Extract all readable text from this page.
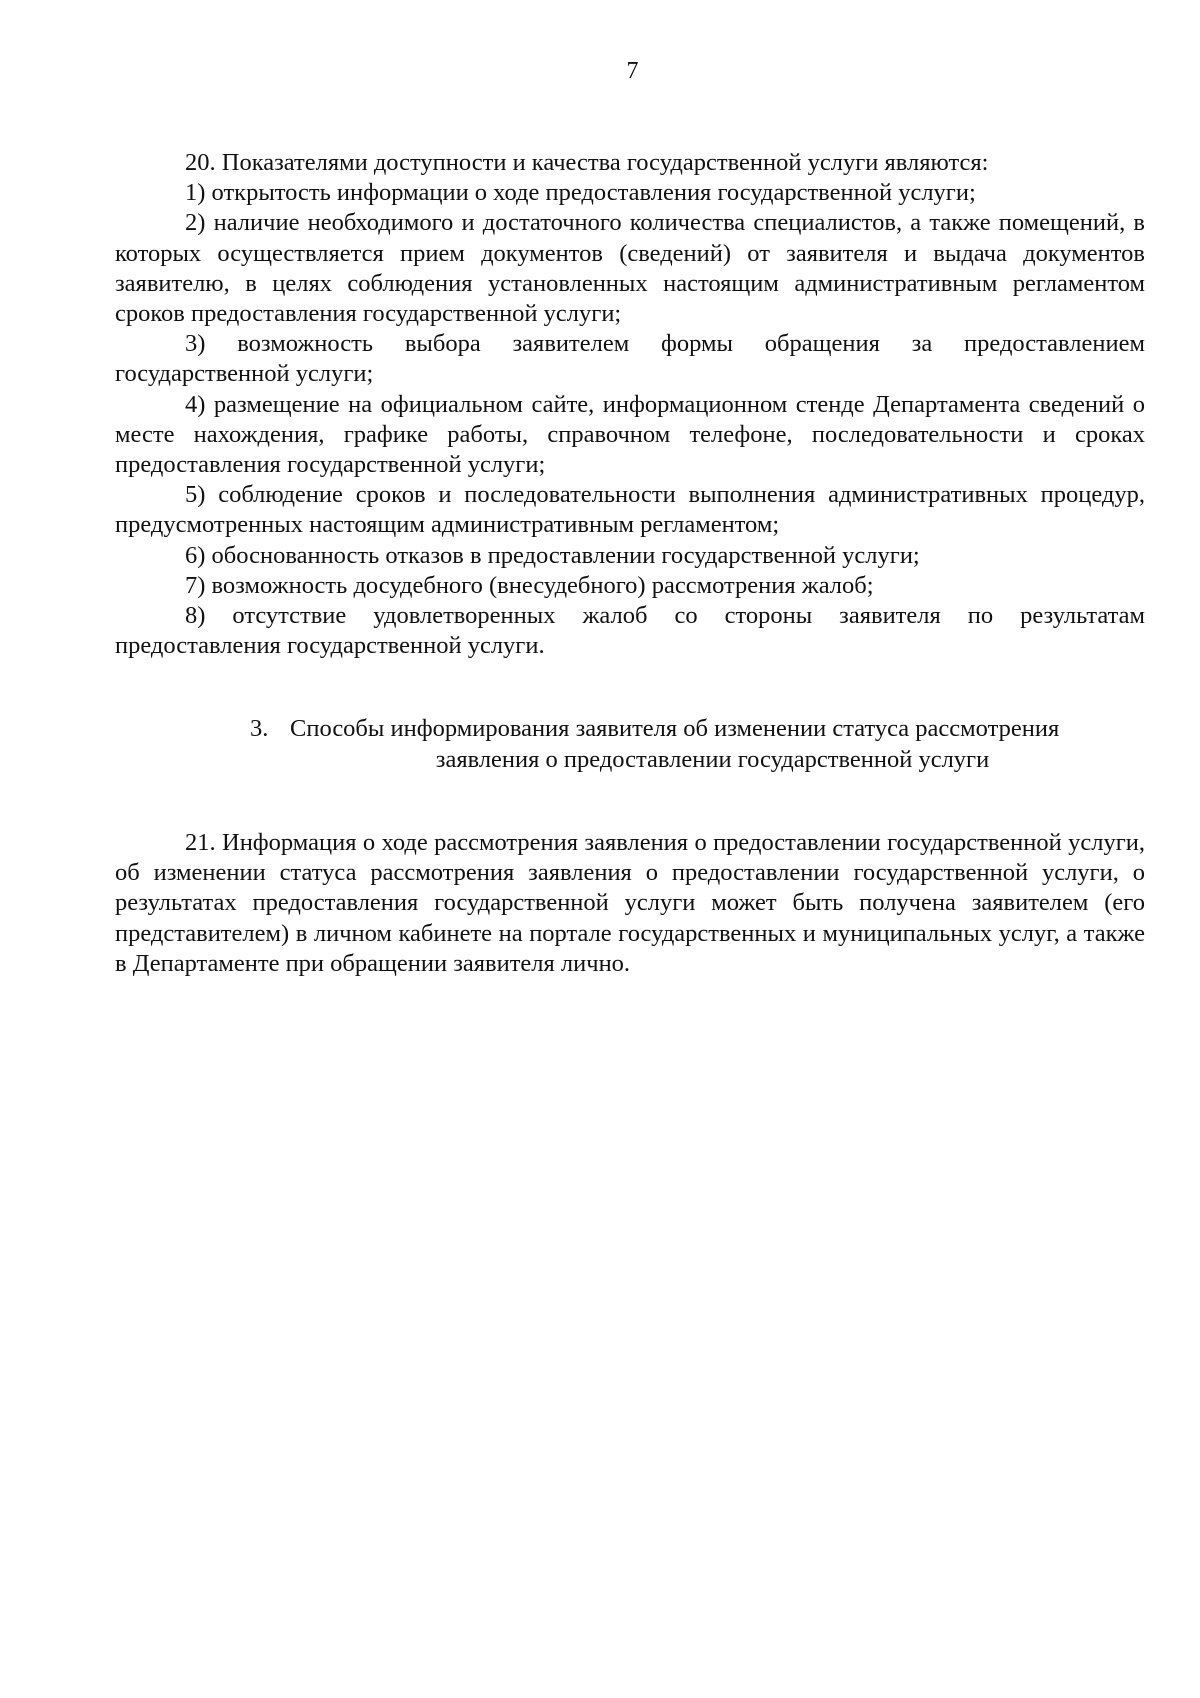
7

20. Показателями доступности и качества государственной услуги являются:

1) открытость информации о ходе предоставления государственной услуги;

2) наличие необходимого и достаточного количества специалистов, а также помещений, в которых осуществляется прием документов (сведений) от заявителя и выдача документов заявителю, в целях соблюдения установленных настоящим административным регламентом сроков предоставления государственной услуги;

3) возможность выбора заявителем формы обращения за предоставлением государственной услуги;

4) размещение на официальном сайте, информационном стенде Департамента сведений о месте нахождения, графике работы, справочном телефоне, последовательности и сроках предоставления государственной услуги;

5) соблюдение сроков и последовательности выполнения административных процедур, предусмотренных настоящим административным регламентом;

6) обоснованность отказов в предоставлении государственной услуги;

7) возможность досудебного (внесудебного) рассмотрения жалоб;

8) отсутствие удовлетворенных жалоб со стороны заявителя по результатам предоставления государственной услуги.

3. Способы информирования заявителя об изменении статуса рассмотрения
заявления о предоставлении государственной услуги

21. Информация о ходе рассмотрения заявления о предоставлении государственной услуги, об изменении статуса рассмотрения заявления о предоставлении государственной услуги, о результатах предоставления государственной услуги может быть получена заявителем (его представителем) в личном кабинете на портале государственных и муниципальных услуг, а также в Департаменте при обращении заявителя лично.
